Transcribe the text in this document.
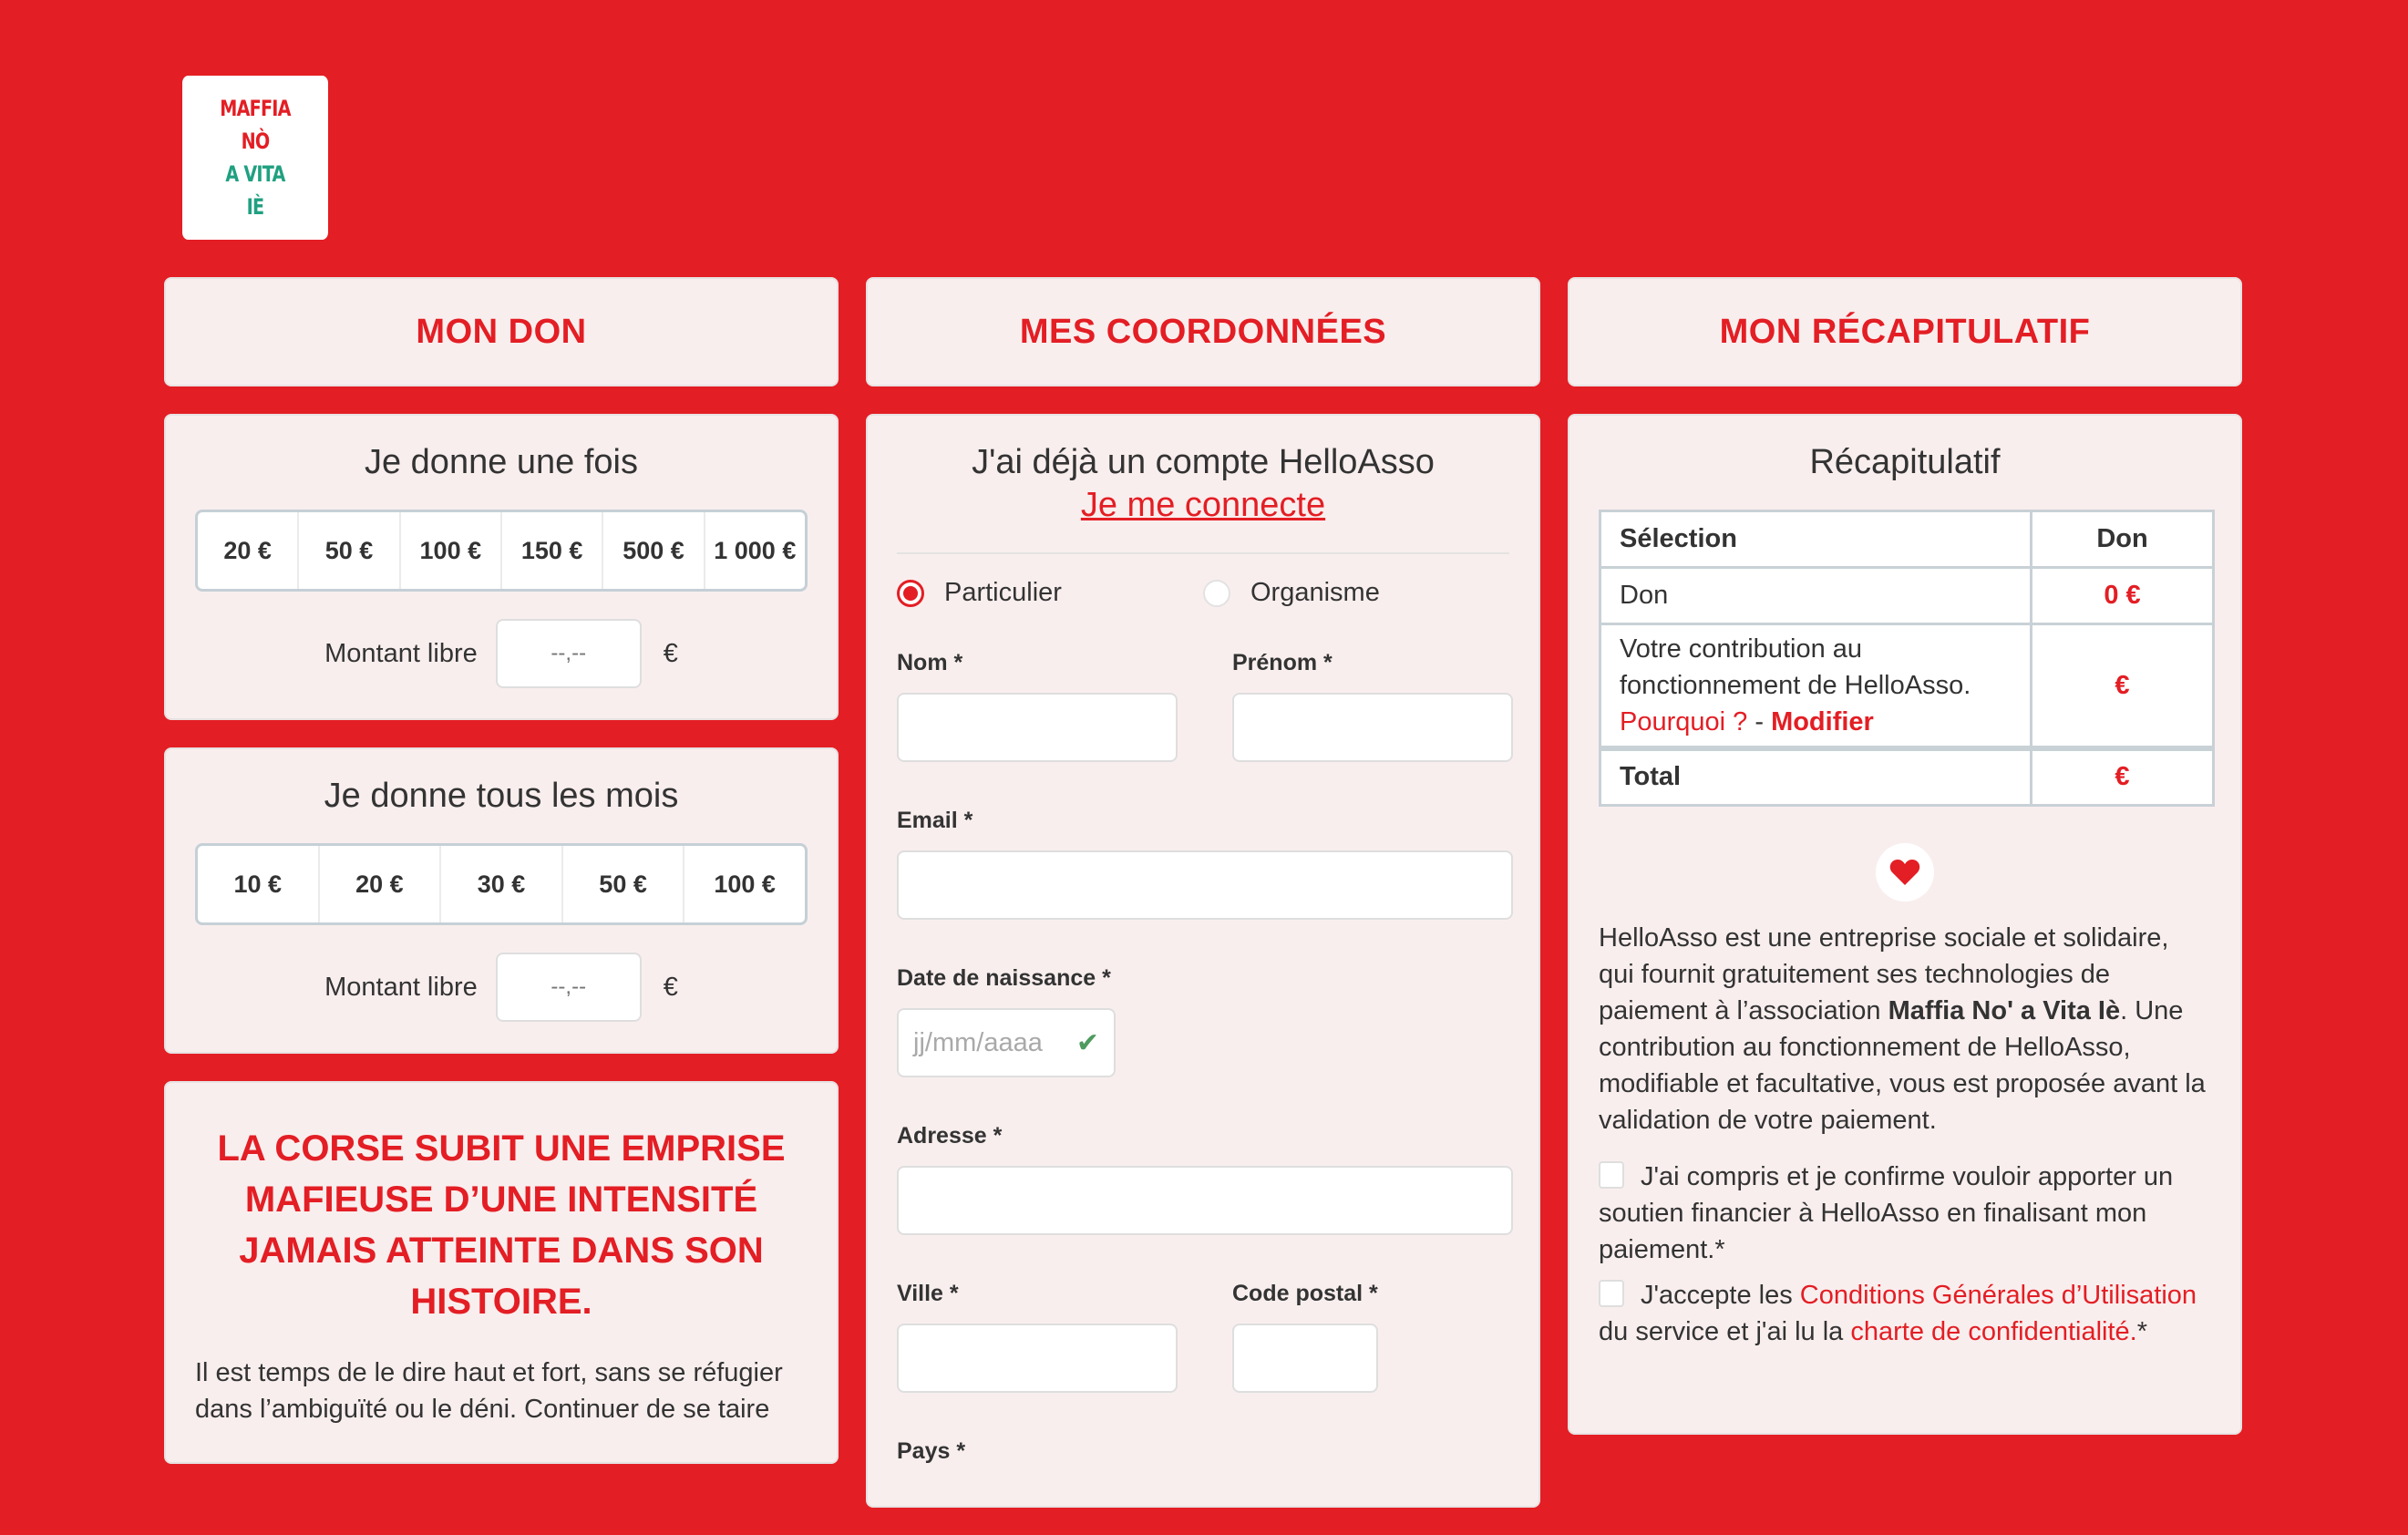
MAFFIA
NÒ
A VITA
IÈ
MON DON
Je donne une fois
20 €	50 €	100 €	150 €	500 €	1 000 €
Montant libre
--,--	€
Je donne tous les mois
10 €	20 €	30 €	50 €	100 €
Montant libre
--,--	€
LA CORSE SUBIT UNE EMPRISE MAFIEUSE D’UNE INTENSITÉ JAMAIS ATTEINTE DANS SON HISTOIRE.
Il est temps de le dire haut et fort, sans se réfugier dans l’ambiguïté ou le déni. Continuer de se taire
MES COORDONNÉES
J'ai déjà un compte HelloAsso
Je me connecte
Particulier	Organisme
Nom *	Prénom *
Email *
Date de naissance *
jj/mm/aaaa ✔
Adresse *
Ville *	Code postal *
Pays *
MON RÉCAPITULATIF
Récapitulatif
Sélection	Don
Don	0 €
Votre contribution au fonctionnement de HelloAsso.
Pourquoi ? - Modifier	€
Total	€
HelloAsso est une entreprise sociale et solidaire, qui fournit gratuitement ses technologies de paiement à l’association Maffia No' a Vita Iè. Une contribution au fonctionnement de HelloAsso, modifiable et facultative, vous est proposée avant la validation de votre paiement.
J'ai compris et je confirme vouloir apporter un soutien financier à HelloAsso en finalisant mon paiement.*
J'accepte les Conditions Générales d’Utilisation du service et j'ai lu la charte de confidentialité.*
